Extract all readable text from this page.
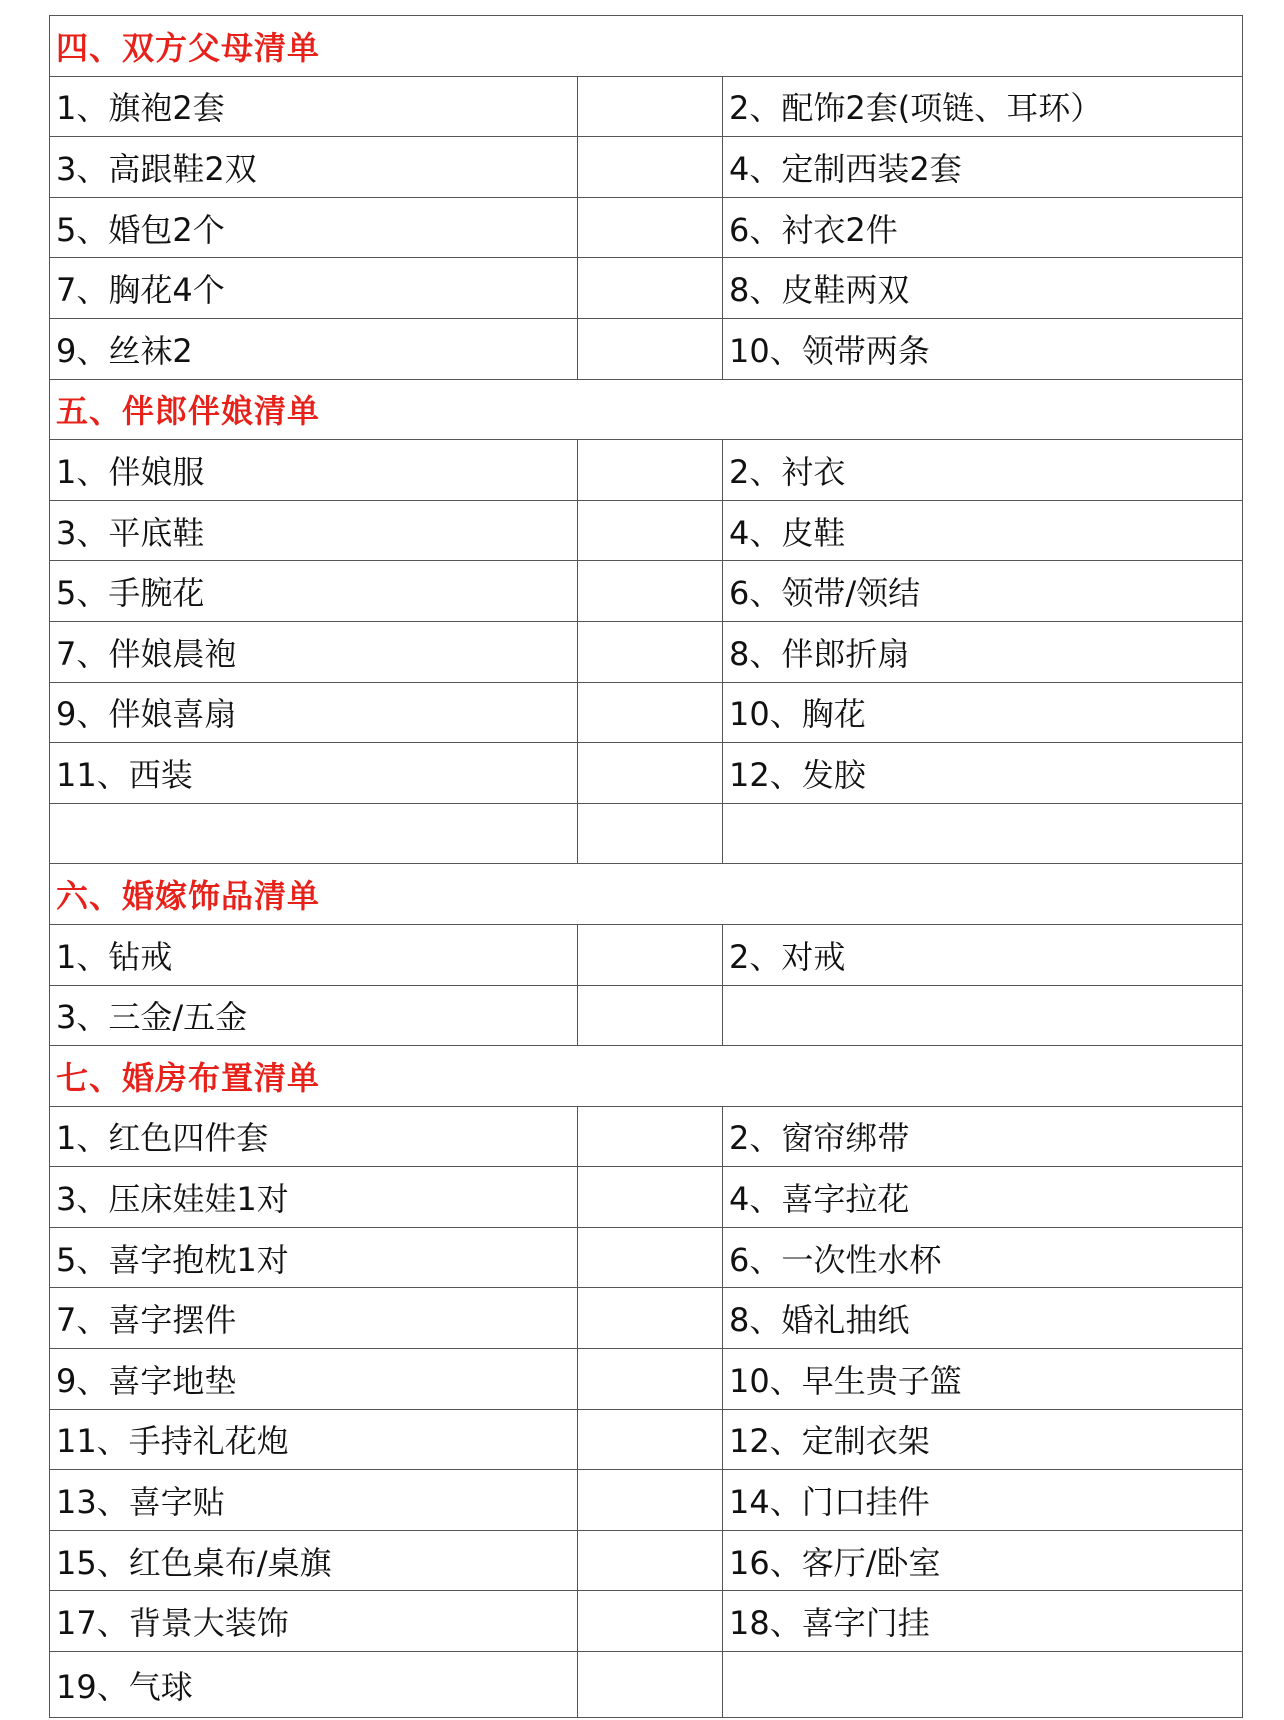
四、双方父母清单
1、旗袍2套	2、配饰2套(项链、耳环）
3、高跟鞋2双	4、定制西装2套
5、婚包2个	6、衬衣2件
7、胸花4个	8、皮鞋两双
9、丝袜2	10、领带两条
五、伴郎伴娘清单
1、伴娘服	2、衬衣
3、平底鞋	4、皮鞋
5、手腕花	6、领带/领结
7、伴娘晨袍	8、伴郎折扇
9、伴娘喜扇	10、胸花
11、西装	12、发胶
六、婚嫁饰品清单
1、钻戒	2、对戒
3、三金/五金
七、婚房布置清单
1、红色四件套	2、窗帘绑带
3、压床娃娃1对	4、喜字拉花
5、喜字抱枕1对	6、一次性水杯
7、喜字摆件	8、婚礼抽纸
9、喜字地垫	10、早生贵子篮
11、手持礼花炮	12、定制衣架
13、喜字贴	14、门口挂件
15、红色桌布/桌旗	16、客厅/卧室
17、背景大装饰	18、喜字门挂
19、气球
